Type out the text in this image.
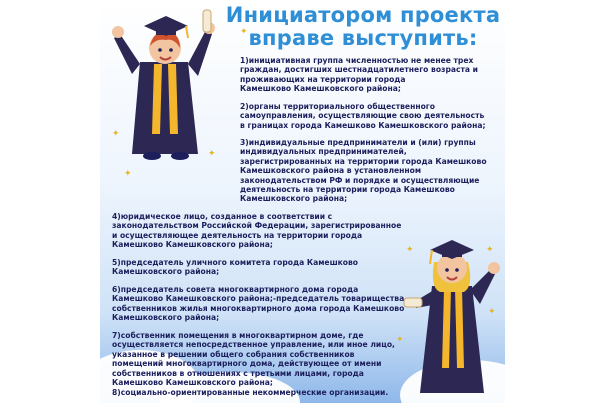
✦
✦
✦
✦
✦	✦
✦
✦
Инициатором проекта
вправе выступить:
1)инициативная группа численностью не менее трех
граждан, достигших шестнадцатилетнего возраста и
проживающих на территории города
Камешково Камешковского района;
2)органы территориального общественного
самоуправления, осуществляющие свою деятельность
в границах города Камешково Камешковского района;
3)индивидуальные предприниматели и (или) группы
индивидуальных предпринимателей,
зарегистрированных на территории города Камешково
Камешковского района в установленном
законодательством РФ и порядке и осуществляющие
деятельность на территории города Камешково
Камешковского района;
4)юридическое лицо, созданное в соответствии с
законодательством Российской Федерации, зарегистрированное
и осуществляющее деятельность на территории города
Камешково Камешковского района;
5)председатель уличного комитета города Камешково
Камешковского района;
6)председатель совета многоквартирного дома города
Камешково Камешковского района;-председатель товарищества
собственников жилья многоквартирного дома города Камешково
Камешковского района;
7)собственник помещения в многоквартирном доме, где
осуществляется непосредственное управление, или иное лицо,
указанное в решении общего собрания собственников
помещений многоквартирного дома, действующее от имени
собственников в отношениях с третьими лицами, города
Камешково Камешковского района;
8)социально-ориентированные некоммерческие организации.
